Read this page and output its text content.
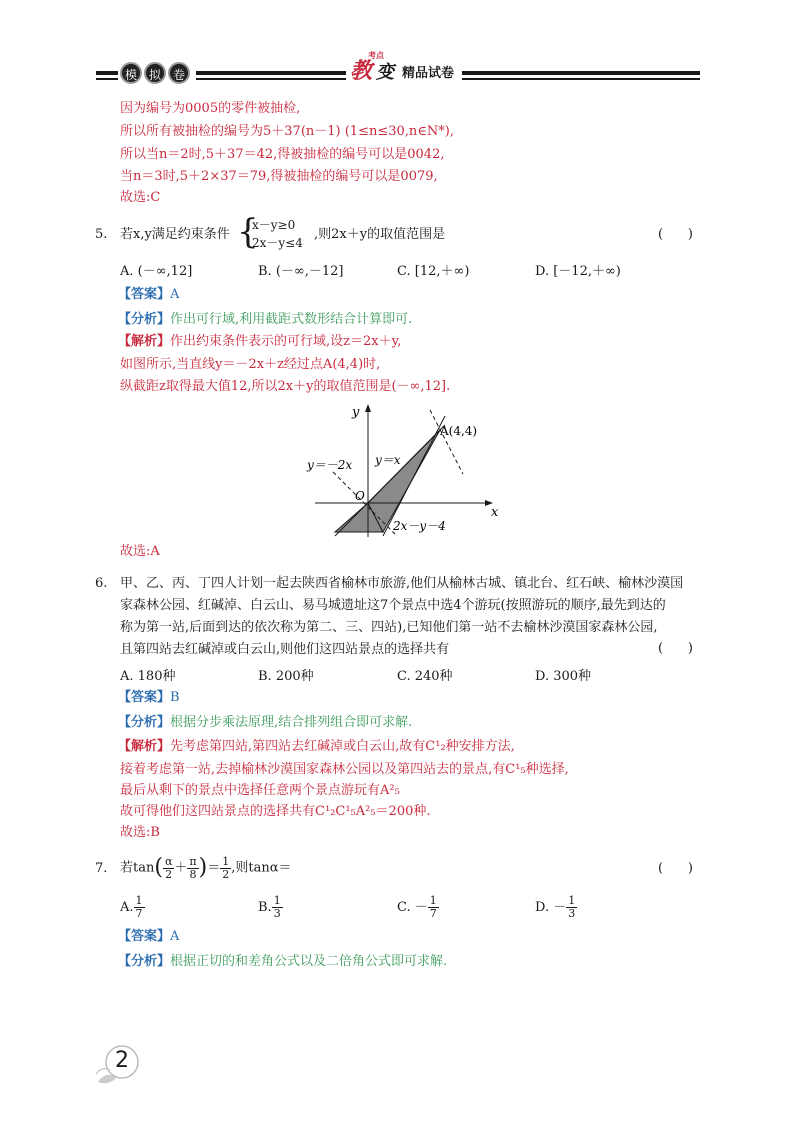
模 拟 卷	教
考点
变 精品试卷
因为编号为0005的零件被抽检,
所以所有被抽检的编号为5＋37(n－1) (1≤n≤30,n∈N*),
所以当n＝2时,5＋37＝42,得被抽检的编号可以是0042,
当n＝3时,5＋2×37＝79,得被抽检的编号可以是0079,
故选:C
5. 若x,y满足约束条件 {
x－y≥0
2x－y≤4
,则2x＋y的取值范围是	(      )
A. (－∞,12]	B. (－∞,－12]	C. [12,＋∞)	D. [－12,＋∞)
【答案】A
【分析】作出可行域,利用截距式数形结合计算即可.
【解析】作出约束条件表示的可行域,设z＝2x＋y,
如图所示,当直线y＝－2x＋z经过点A(4,4)时,
纵截距z取得最大值12,所以2x＋y的取值范围是(－∞,12].
y
x
O
A(4,4)
y＝x
y＝－2x
2x－y－4
故选:A
6. 甲、乙、丙、丁四人计划一起去陕西省榆林市旅游,他们从榆林古城、镇北台、红石峡、榆林沙漠国
家森林公园、红碱淖、白云山、易马城遗址这7个景点中选4个游玩(按照游玩的顺序,最先到达的
称为第一站,后面到达的依次称为第二、三、四站),已知他们第一站不去榆林沙漠国家森林公园,
且第四站去红碱淖或白云山,则他们这四站景点的选择共有	(      )
A. 180种	B. 200种	C. 240种	D. 300种
【答案】B
【分析】根据分步乘法原理,结合排列组合即可求解.
【解析】先考虑第四站,第四站去红碱淖或白云山,故有C¹₂种安排方法,
接着考虑第一站,去掉榆林沙漠国家森林公园以及第四站去的景点,有C¹₅种选择,
最后从剩下的景点中选择任意两个景点游玩有A²₅
故可得他们这四站景点的选择共有C¹₂C¹₅A²₅＝200种.
故选:B
7. 若$\tan( \frac{\alpha}{2} + \frac{\pi}{8}$ )＝ $\frac{1}{2}$ ,则tanα＝	(      )
A. $\frac{1}{7}$	B. $\frac{1}{3}$	C. － $\frac{1}{7}$	D. － $\frac{1}{3}$
【答案】A
【分析】根据正切的和差角公式以及二倍角公式即可求解.
2
